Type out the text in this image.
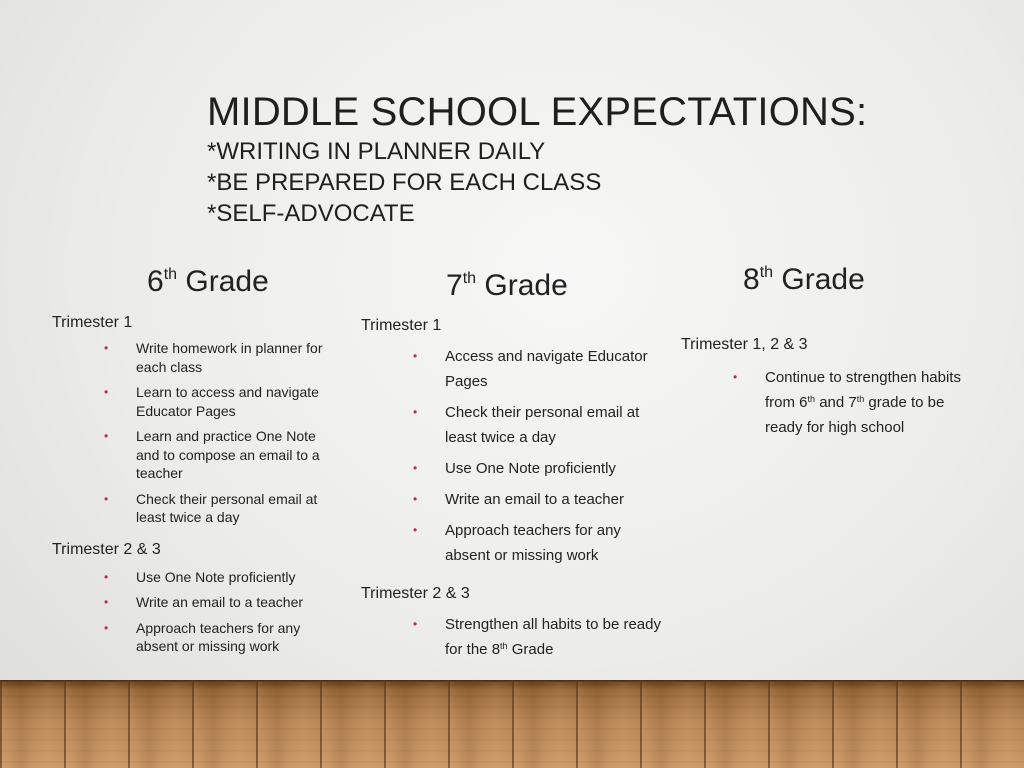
MIDDLE SCHOOL EXPECTATIONS:

*WRITING IN PLANNER DAILY

*BE PREPARED FOR EACH CLASS

*SELF-ADVOCATE

6th Grade

Trimester 1

• Write homework in planner for each class
• Learn to access and navigate Educator Pages
• Learn and practice One Note and to compose an email to a teacher
• Check their personal email at least twice a day

Trimester 2 & 3

• Use One Note proficiently
• Write an email to a teacher
• Approach teachers for any absent or missing work
7th Grade

Trimester 1

• Access and navigate Educator Pages
• Check their personal email at least twice a day
• Use One Note proficiently
• Write an email to a teacher
• Approach teachers for any absent or missing work

Trimester 2 & 3

• Strengthen all habits to be ready for the 8th Grade
8th Grade

Trimester 1, 2 & 3

• Continue to strengthen habits from 6th and 7th grade to be ready for high school
